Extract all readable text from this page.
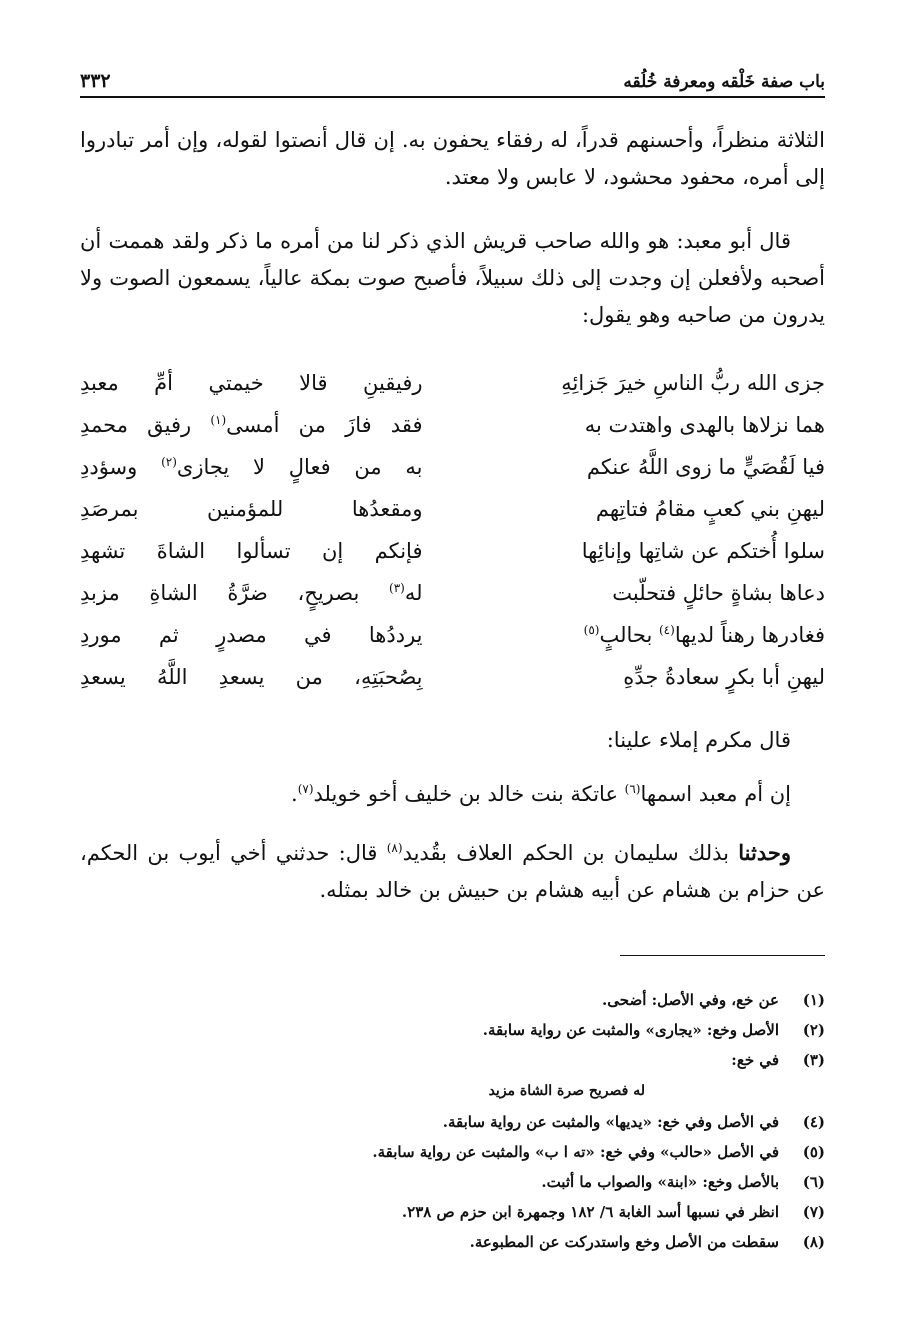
باب صفة خَلْقه ومعرفة خُلُقه
٣٣٢

الثلاثة منظراً، وأحسنهم قدراً، له رفقاء يحفون به. إن قال أنصتوا لقوله، وإن أمر تبادروا إلى أمره، محفود محشود، لا عابس ولا معتد.

قال أبو معبد: هو والله صاحب قريش الذي ذكر لنا من أمره ما ذكر ولقد هممت أن أصحبه ولأفعلن إن وجدت إلى ذلك سبيلاً، فأصبح صوت بمكة عالياً، يسمعون الصوت ولا يدرون من صاحبه وهو يقول:

جزى الله ربُّ الناسِ خيرَ جَزائِهِ
رفيقينِ قالا خيمتي أمِّ معبدِ
هما نزلاها بالهدى واهتدت به
فقد فازَ من أمسى$^{(١)}$ رفيق محمدِ
فيا لَقُصَيٍّ ما زوى اللَّهُ عنكم
به من فعالٍ لا يجازى$^{(٢)}$ وسؤددِ
ليهنِ بني كعبٍ مقامُ فتاتِهم
ومقعدُها للمؤمنين بمرصَدِ
سلوا أُختكم عن شاتِها وإنائِها
فإنكم إن تسألوا الشاةَ تشهدِ
دعاها بشاةٍ حائلٍ فتحلّبت
له$^{(٣)}$ بصريحٍ، ضرَّةُ الشاةِ مزبدِ
فغادرها رهناً لديها$^{(٤)}$ بحالبٍ$^{(٥)}$
يرددُها في مصدرٍ ثم موردِ
ليهنِ أبا بكرٍ سعادةُ جدِّهِ
بِصُحبَتِهِ، من يسعدِ اللَّهُ يسعدِ

قال مكرم إملاء علينا:

إن أم معبد اسمها$^{(٦)}$ عاتكة بنت خالد بن خليف أخو خويلد$^{(٧)}$.

وحدثنا بذلك سليمان بن الحكم العلاف بقُديد$^{(٨)}$ قال: حدثني أخي أيوب بن الحكم، عن حزام بن هشام عن أبيه هشام بن حبيش بن خالد بمثله.

(١)
عن خع، وفي الأصل: أضحى.
(٢)
الأصل وخع: «يجارى» والمثبت عن رواية سابقة.
(٣)
في خع:
له فصريح صرة الشاة مزيد
(٤)
في الأصل وفي خع: «يديها» والمثبت عن رواية سابقة.
(٥)
في الأصل «حالب» وفي خع: «ته ا ب» والمثبت عن رواية سابقة.
(٦)
بالأصل وخع: «ابنة» والصواب ما أثبت.
(٧)
انظر في نسبها أسد الغابة ٦/ ١٨٢ وجمهرة ابن حزم ص ٢٣٨.
(٨)
سقطت من الأصل وخع واستدركت عن المطبوعة.
